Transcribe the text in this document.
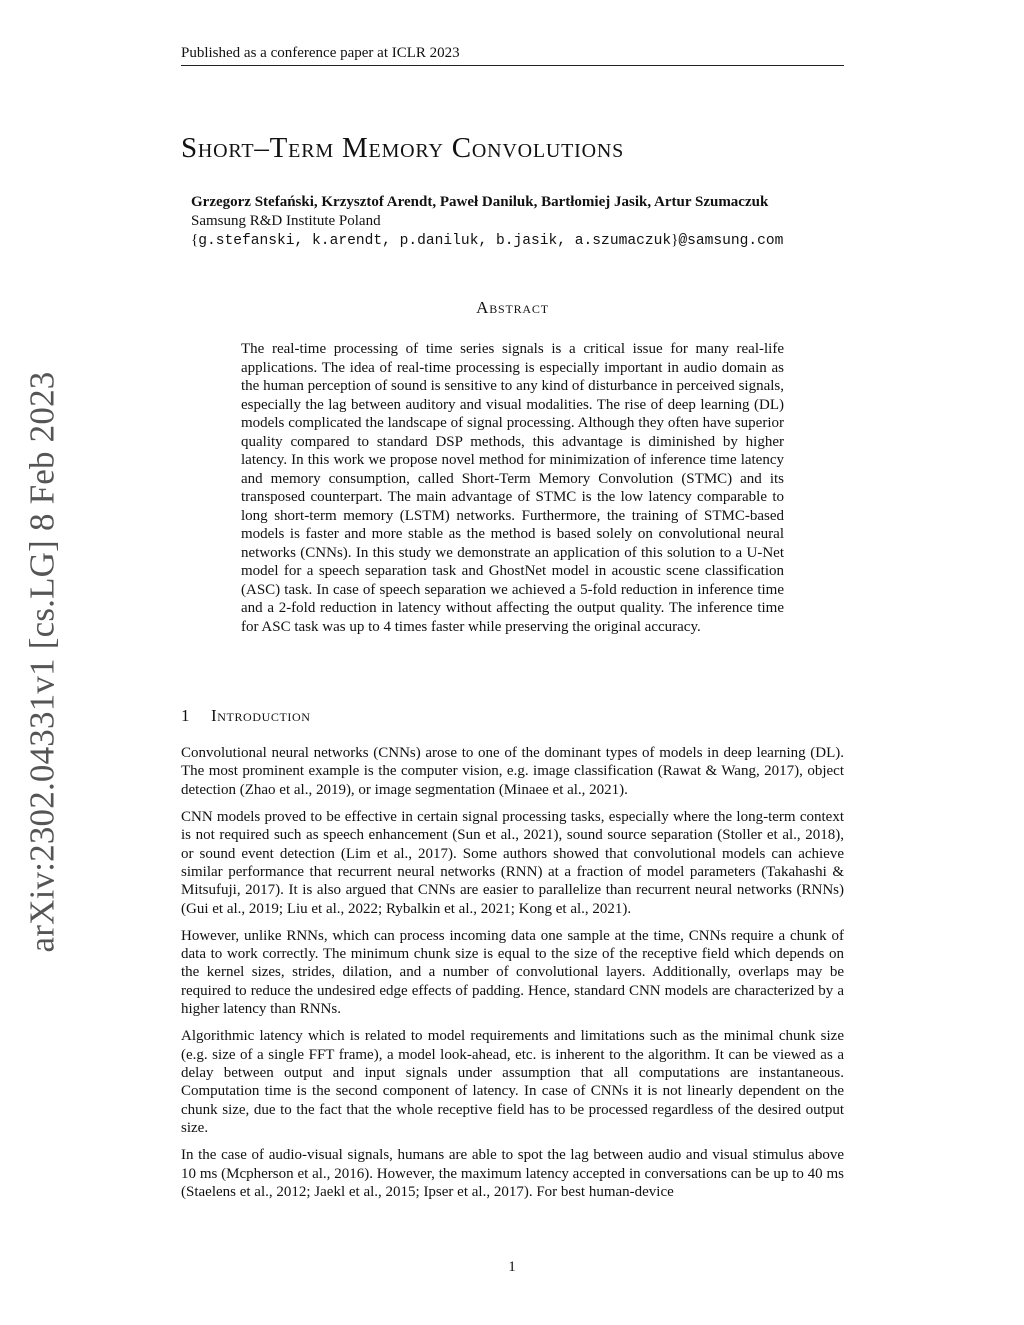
Published as a conference paper at ICLR 2023
arXiv:2302.04331v1 [cs.LG] 8 Feb 2023
Short–Term Memory Convolutions
Grzegorz Stefański, Krzysztof Arendt, Paweł Daniluk, Bartłomiej Jasik, Artur Szumaczuk
Samsung R&D Institute Poland
{g.stefanski, k.arendt, p.daniluk, b.jasik, a.szumaczuk}@samsung.com
Abstract

The real-time processing of time series signals is a critical issue for many real-life applications. The idea of real-time processing is especially important in audio domain as the human perception of sound is sensitive to any kind of disturbance in perceived signals, especially the lag between auditory and visual modalities. The rise of deep learning (DL) models complicated the landscape of signal processing. Although they often have superior quality compared to standard DSP methods, this advantage is diminished by higher latency. In this work we propose novel method for minimization of inference time latency and memory consumption, called Short-Term Memory Convolution (STMC) and its transposed counterpart. The main advantage of STMC is the low latency comparable to long short-term memory (LSTM) networks. Furthermore, the training of STMC-based models is faster and more stable as the method is based solely on convolutional neural networks (CNNs). In this study we demonstrate an application of this solution to a U-Net model for a speech separation task and GhostNet model in acoustic scene classification (ASC) task. In case of speech separation we achieved a 5-fold reduction in inference time and a 2-fold reduction in latency without affecting the output quality. The inference time for ASC task was up to 4 times faster while preserving the original accuracy.

1 Introduction

Convolutional neural networks (CNNs) arose to one of the dominant types of models in deep learning (DL). The most prominent example is the computer vision, e.g. image classification (Rawat & Wang, 2017), object detection (Zhao et al., 2019), or image segmentation (Minaee et al., 2021).

CNN models proved to be effective in certain signal processing tasks, especially where the long-term context is not required such as speech enhancement (Sun et al., 2021), sound source separation (Stoller et al., 2018), or sound event detection (Lim et al., 2017). Some authors showed that convolutional models can achieve similar performance that recurrent neural networks (RNN) at a fraction of model parameters (Takahashi & Mitsufuji, 2017). It is also argued that CNNs are easier to parallelize than recurrent neural networks (RNNs) (Gui et al., 2019; Liu et al., 2022; Rybalkin et al., 2021; Kong et al., 2021).

However, unlike RNNs, which can process incoming data one sample at the time, CNNs require a chunk of data to work correctly. The minimum chunk size is equal to the size of the receptive field which depends on the kernel sizes, strides, dilation, and a number of convolutional layers. Additionally, overlaps may be required to reduce the undesired edge effects of padding. Hence, standard CNN models are characterized by a higher latency than RNNs.

Algorithmic latency which is related to model requirements and limitations such as the minimal chunk size (e.g. size of a single FFT frame), a model look-ahead, etc. is inherent to the algorithm. It can be viewed as a delay between output and input signals under assumption that all computations are instantaneous. Computation time is the second component of latency. In case of CNNs it is not linearly dependent on the chunk size, due to the fact that the whole receptive field has to be processed regardless of the desired output size.

In the case of audio-visual signals, humans are able to spot the lag between audio and visual stimulus above 10 ms (Mcpherson et al., 2016). However, the maximum latency accepted in conversations can be up to 40 ms (Staelens et al., 2012; Jaekl et al., 2015; Ipser et al., 2017). For best human-device

1
